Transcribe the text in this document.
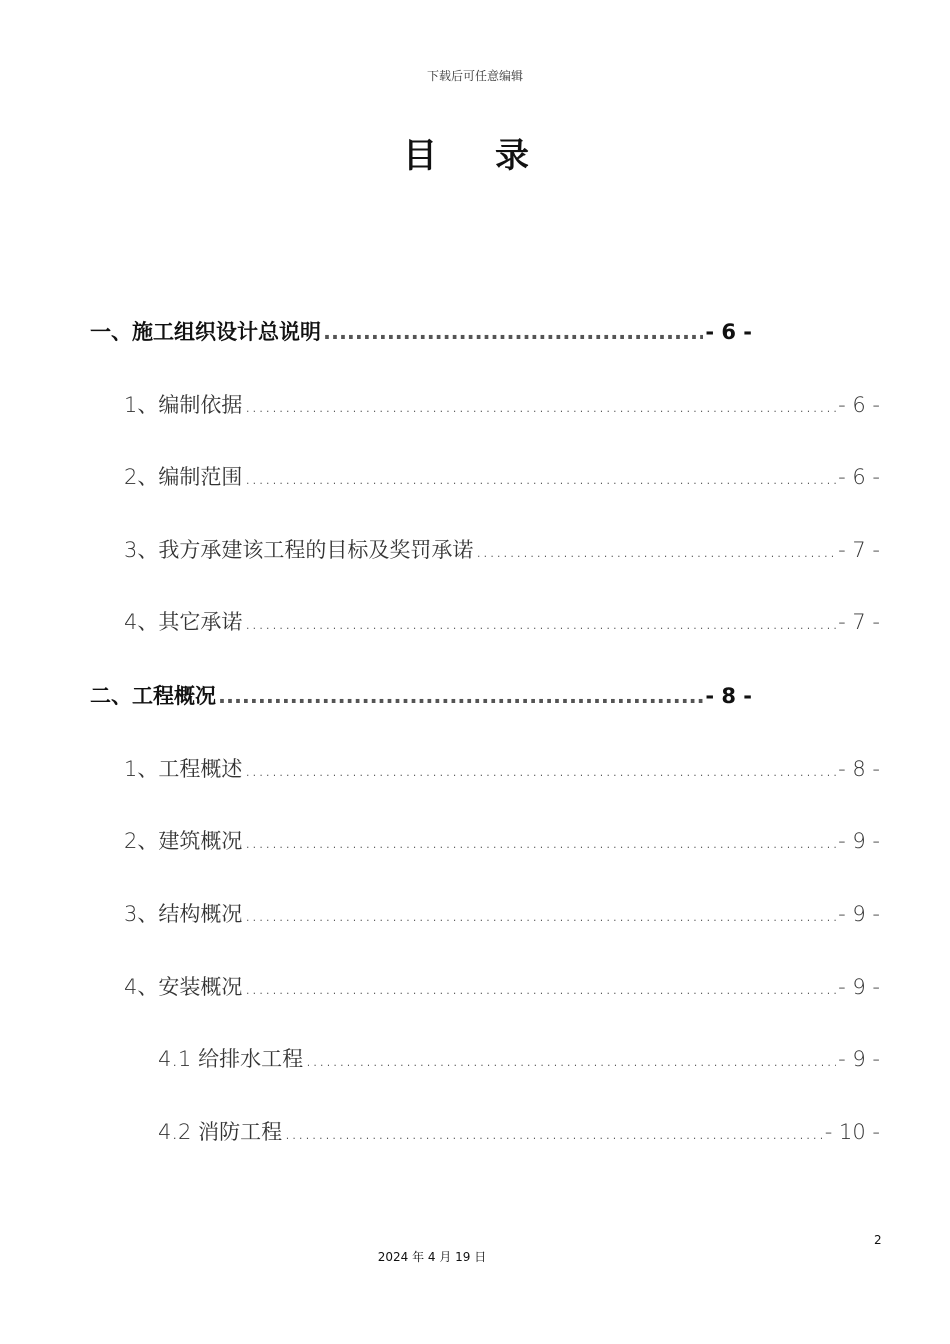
下载后可任意编辑
目录
一、施工组织设计总说明 .....	- 6 -
1、编制依据 .....	- 6 -
2、编制范围 .....	- 6 -
3、我方承建该工程的目标及奖罚承诺 .....	- 7 -
4、其它承诺 .....	- 7 -
二、工程概况 .....	- 8 -
1、工程概述 .....	- 8 -
2、建筑概况 .....	- 9 -
3、结构概况 .....	- 9 -
4、安装概况 .....	- 9 -
4.1 给排水工程 .....	- 9 -
4.2 消防工程 .....	- 10 -
2
2024 年 4 月 19 日
